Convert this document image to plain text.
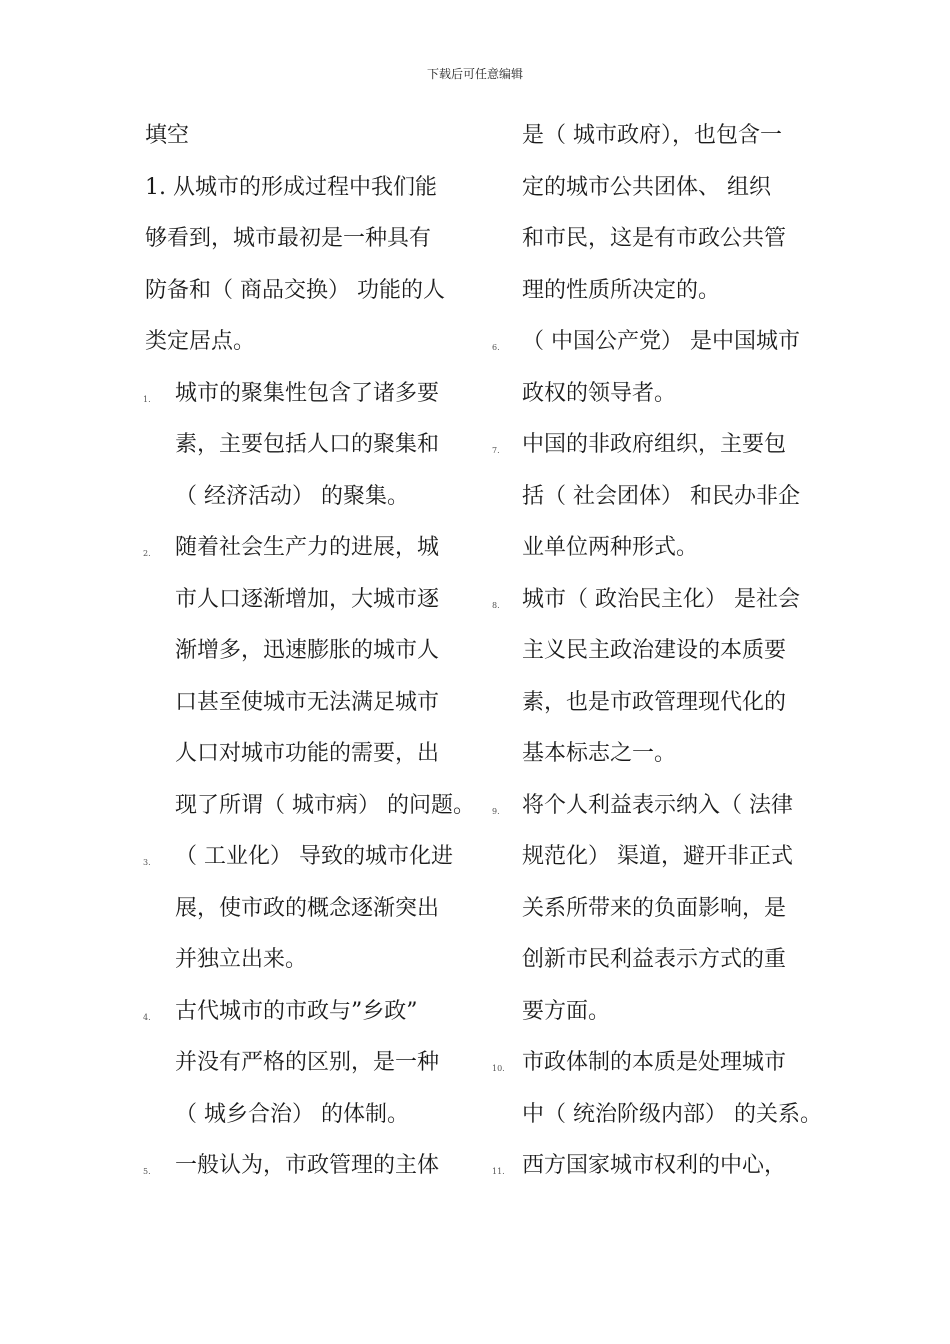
下载后可任意编辑
填空
1. 从城市的形成过程中我们能
够看到，城市最初是一种具有
防备和（ 商品交换） 功能的人
类定居点。
1. 城市的聚集性包含了诸多要
素，主要包括人口的聚集和
（ 经济活动） 的聚集。
2. 随着社会生产力的进展，城
市人口逐渐增加，大城市逐
渐增多，迅速膨胀的城市人
口甚至使城市无法满足城市
人口对城市功能的需要，出
现了所谓（ 城市病） 的问题。
3. （ 工业化） 导致的城市化进
展，使市政的概念逐渐突出
并独立出来。
4. 古代城市的市政与”乡政”
并没有严格的区别，是一种
（ 城乡合治） 的体制。
5. 一般认为，市政管理的主体
是（ 城市政府），也包含一
定的城市公共团体、 组织
和市民，这是有市政公共管
理的性质所决定的。
6. （ 中国公产党） 是中国城市
政权的领导者。
7. 中国的非政府组织，主要包
括（ 社会团体） 和民办非企
业单位两种形式。
8. 城市（ 政治民主化） 是社会
主义民主政治建设的本质要
素，也是市政管理现代化的
基本标志之一。
9. 将个人利益表示纳入（ 法律
规范化） 渠道，避开非正式
关系所带来的负面影响，是
创新市民利益表示方式的重
要方面。
10. 市政体制的本质是处理城市
中（ 统治阶级内部） 的关系。
11. 西方国家城市权利的中心，
